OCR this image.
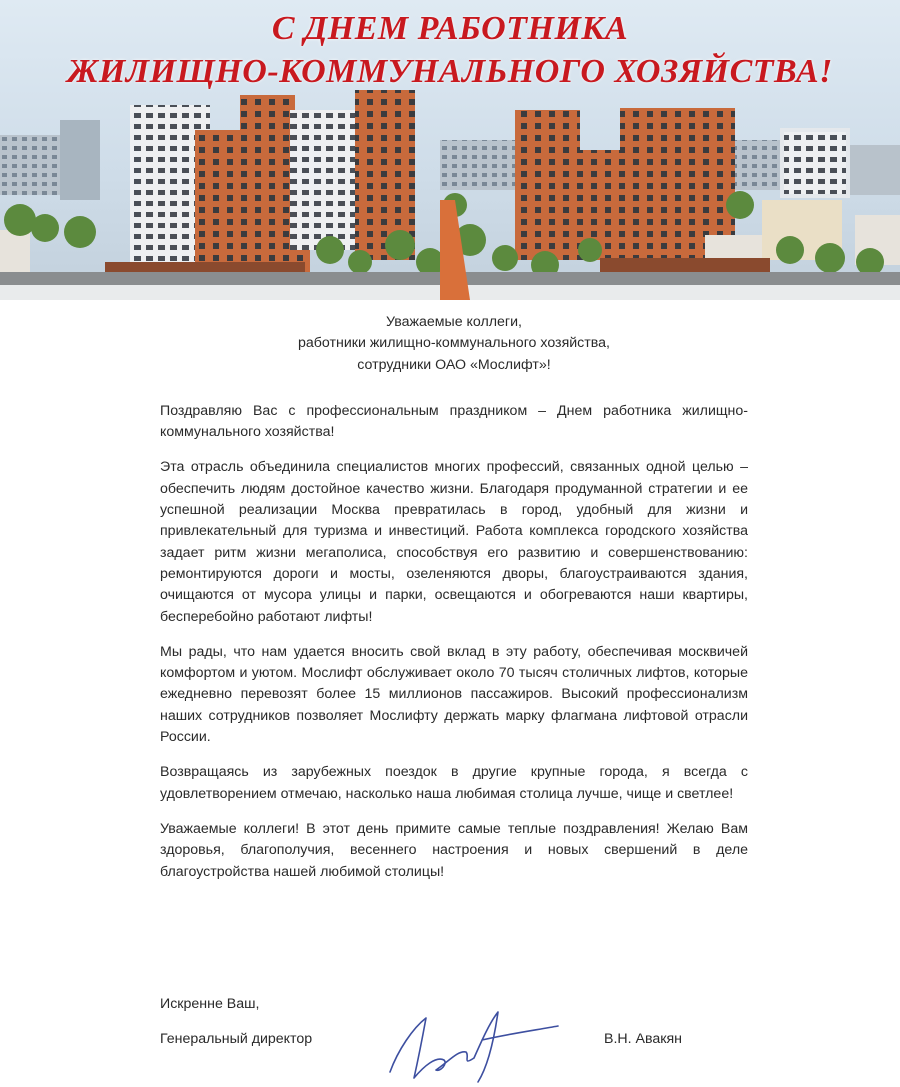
С ДНЕМ РАБОТНИКА
ЖИЛИЩНО-КОММУНАЛЬНОГО ХОЗЯЙСТВА!
Уважаемые коллеги,
работники жилищно-коммунального хозяйства,
сотрудники ОАО «Мослифт»!

Поздравляю Вас с профессиональным праздником – Днем работника жилищно-коммунального хозяйства!

Эта отрасль объединила специалистов многих профессий, связанных одной целью – обеспечить людям достойное качество жизни. Благодаря продуманной стратегии и ее успешной реализации Москва превратилась в город, удобный для жизни и привлекательный для туризма и инвестиций. Работа комплекса городского хозяйства задает ритм жизни мегаполиса, способствуя его развитию и совершенствованию: ремонтируются дороги и мосты, озеленяются дворы, благоустраиваются здания, очищаются от мусора улицы и парки, освещаются и обогреваются наши квартиры, бесперебойно работают лифты!

Мы рады, что нам удается вносить свой вклад в эту работу, обеспечивая москвичей комфортом и уютом. Мослифт обслуживает около 70 тысяч столичных лифтов, которые ежедневно перевозят более 15 миллионов пассажиров. Высокий профессионализм наших сотрудников позволяет Мослифту держать марку флагмана лифтовой отрасли России.

Возвращаясь из зарубежных поездок в другие крупные города, я всегда с удовлетворением отмечаю, насколько наша любимая столица лучше, чище и светлее!

Уважаемые коллеги! В этот день примите самые теплые поздравления! Желаю Вам здоровья, благополучия, весеннего настроения и новых свершений в деле благоустройства нашей любимой столицы!

Искренне Ваш,
Генеральный директор	В.Н. Авакян
